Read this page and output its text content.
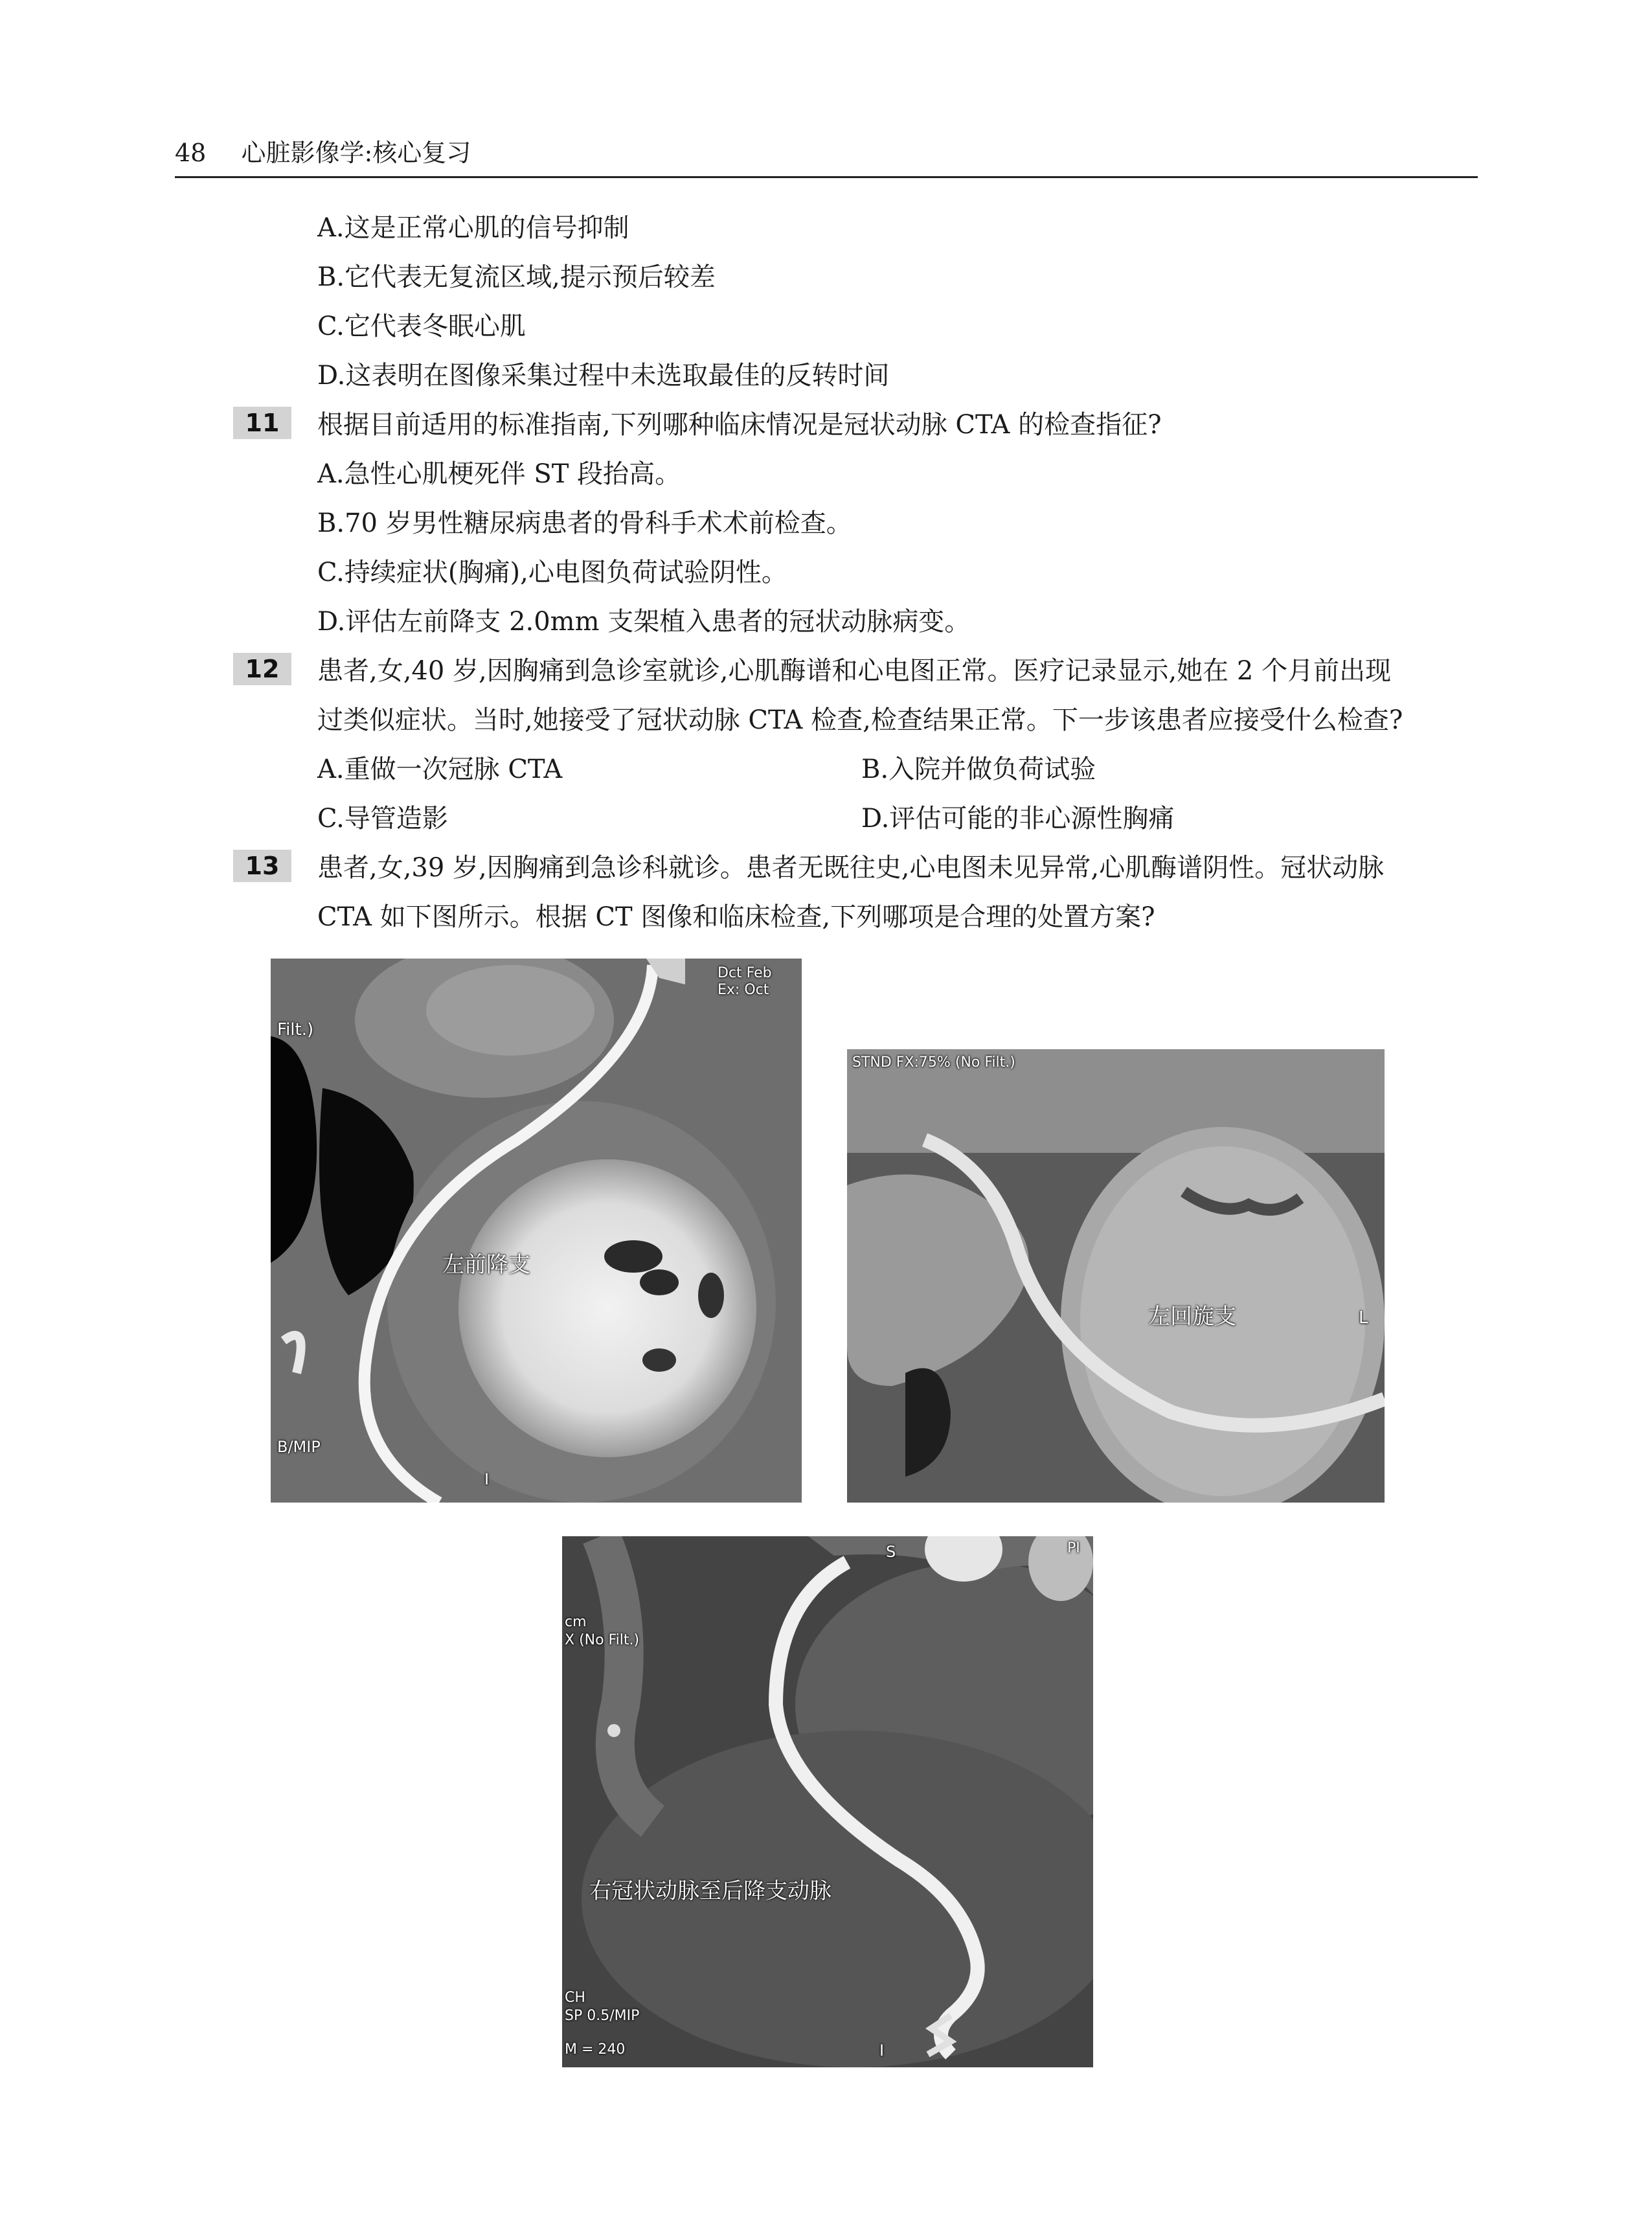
48 心脏影像学:核心复习
A.这是正常心肌的信号抑制
B.它代表无复流区域,提示预后较差
C.它代表冬眠心肌
D.这表明在图像采集过程中未选取最佳的反转时间
11	根据目前适用的标准指南,下列哪种临床情况是冠状动脉 CTA 的检查指征?
A.急性心肌梗死伴 ST 段抬高。
B.70 岁男性糖尿病患者的骨科手术术前检查。
C.持续症状(胸痛),心电图负荷试验阴性。
D.评估左前降支 2.0mm 支架植入患者的冠状动脉病变。
12	患者,女,40 岁,因胸痛到急诊室就诊,心肌酶谱和心电图正常。医疗记录显示,她在 2 个月前出现
过类似症状。当时,她接受了冠状动脉 CTA 检查,检查结果正常。下一步该患者应接受什么检查?
A.重做一次冠脉 CTA	B.入院并做负荷试验
C.导管造影	D.评估可能的非心源性胸痛
13	患者,女,39 岁,因胸痛到急诊科就诊。患者无既往史,心电图未见异常,心肌酶谱阴性。冠状动脉
CTA 如下图所示。根据 CT 图像和临床检查,下列哪项是合理的处置方案?
Filt.)
B/MIP
I
Dct Feb
Ex: Oct
左前降支
STND FX:75% (No Filt.)
L
左回旋支
S
cm
X (No Filt.)
CH
SP 0.5/MIP
M = 240	I
PI
右冠状动脉至后降支动脉
